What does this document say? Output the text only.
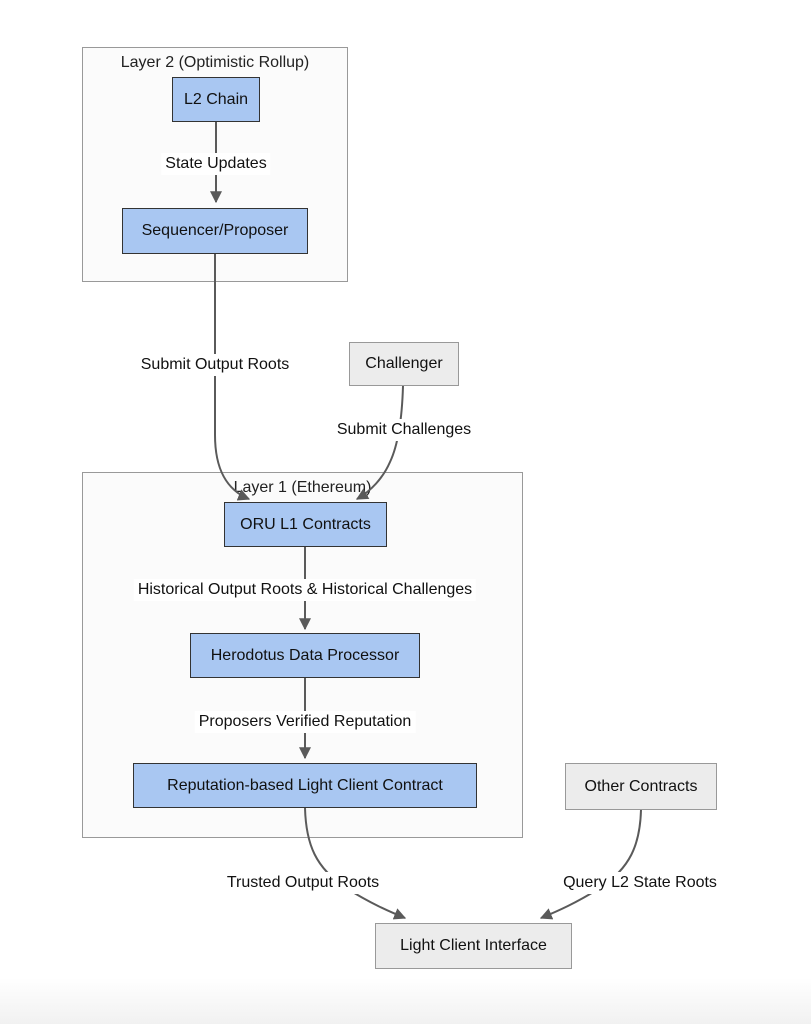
Layer 2 (Optimistic Rollup)
Layer 1 (Ethereum)
L2 Chain
Sequencer/Proposer
Challenger
ORU L1 Contracts
Herodotus Data Processor
Reputation-based Light Client Contract	Other Contracts
Light Client Interface
State Updates
Submit Output Roots
Submit Challenges
Historical Output Roots & Historical Challenges
Proposers Verified Reputation
Trusted Output Roots	Query L2 State Roots
